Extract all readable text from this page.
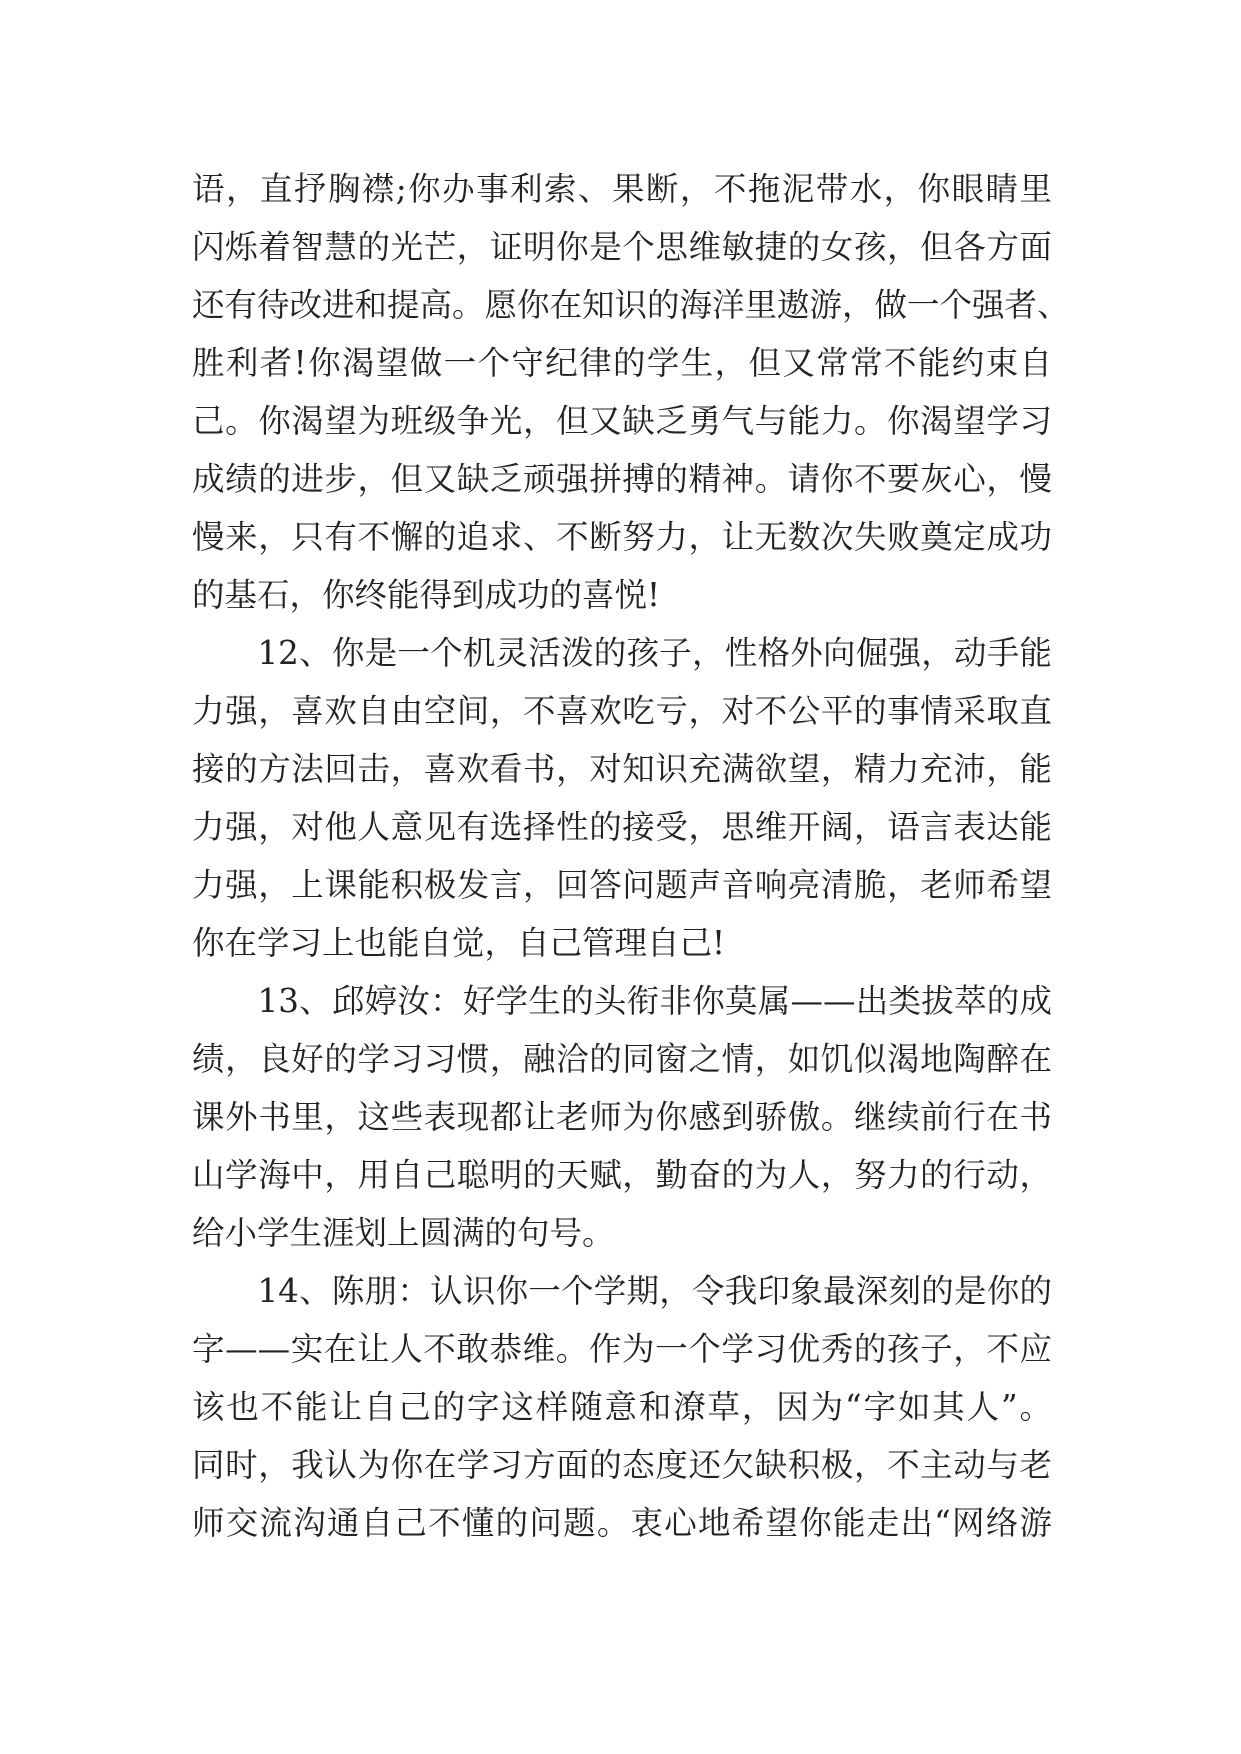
语，直抒胸襟;你办事利索、果断，不拖泥带水，你眼睛里
闪烁着智慧的光芒，证明你是个思维敏捷的女孩，但各方面
还有待改进和提高。愿你在知识的海洋里遨游，做一个强者、
胜利者!你渴望做一个守纪律的学生，但又常常不能约束自
己。你渴望为班级争光，但又缺乏勇气与能力。你渴望学习
成绩的进步，但又缺乏顽强拼搏的精神。请你不要灰心，慢
慢来，只有不懈的追求、不断努力，让无数次失败奠定成功
的基石，你终能得到成功的喜悦!
　　12、你是一个机灵活泼的孩子，性格外向倔强，动手能
力强，喜欢自由空间，不喜欢吃亏，对不公平的事情采取直
接的方法回击，喜欢看书，对知识充满欲望，精力充沛，能
力强，对他人意见有选择性的接受，思维开阔，语言表达能
力强，上课能积极发言，回答问题声音响亮清脆，老师希望
你在学习上也能自觉，自己管理自己!
　　13、邱婷汝：好学生的头衔非你莫属——出类拔萃的成
绩，良好的学习习惯，融洽的同窗之情，如饥似渴地陶醉在
课外书里，这些表现都让老师为你感到骄傲。继续前行在书
山学海中，用自己聪明的天赋，勤奋的为人，努力的行动，
给小学生涯划上圆满的句号。
　　14、陈朋：认识你一个学期，令我印象最深刻的是你的
字——实在让人不敢恭维。作为一个学习优秀的孩子，不应
该也不能让自己的字这样随意和潦草，因为“字如其人”。
同时，我认为你在学习方面的态度还欠缺积极，不主动与老
师交流沟通自己不懂的问题。衷心地希望你能走出“网络游
